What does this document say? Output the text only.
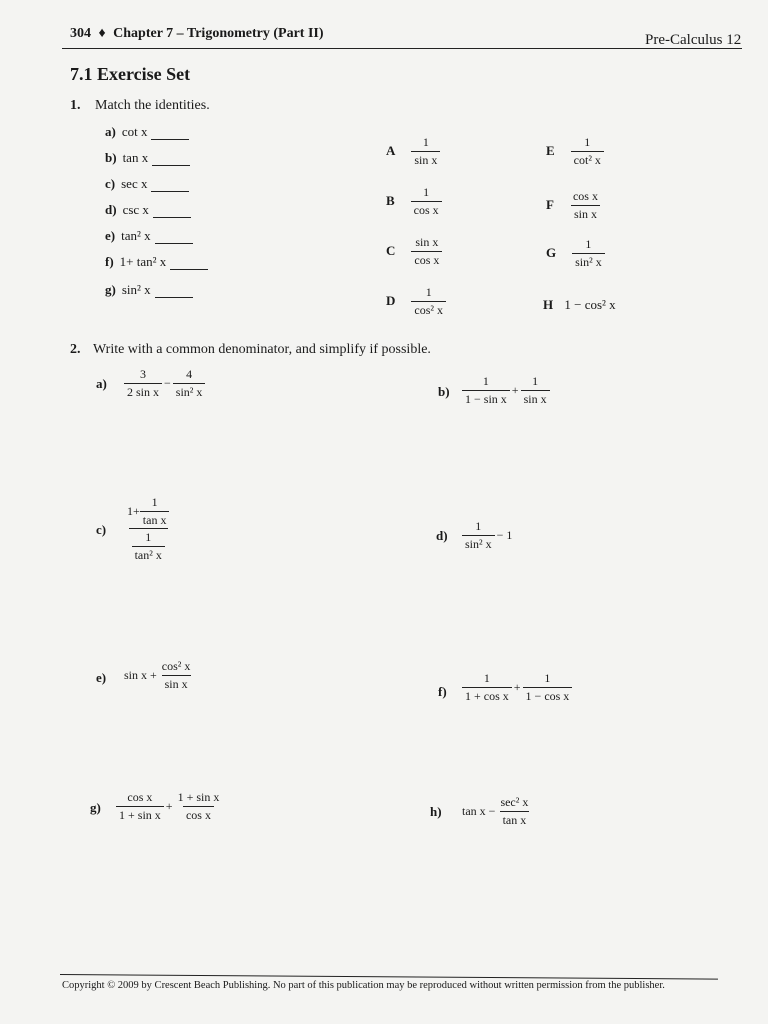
304 ♦ Chapter 7 – Trigonometry (Part II)	Pre-Calculus 12
7.1 Exercise Set
1. Match the identities.
a) cot x
b) tan x
c) sec x
d) csc x
e) tan² x
f) 1+ tan² x
g) sin² x
A $\frac{1}{\text{sin x}}$
B $\frac{1}{\text{cos x}}$
C $\frac{\text{sin x}}{\text{cos x}}$
D $\frac{1}{\text{cos² x}}$
E $\frac{1}{\text{cot² x}}$
F $\frac{\text{cos x}}{\text{sin x}}$
G $\frac{1}{\text{sin² x}}$
H 1 − cos² x
2. Write with a common denominator, and simplify if possible.
$a) \frac{3}{\text{2 sin x}} - \frac{4}{\text{sin² x}}$	$b) \frac{1}{\text{1 − sin x}} + \frac{1}{\text{sin x}}$
$c) \frac{1+ \frac{1}{\text{tan x}}}{\frac{1}{\text{tan² x}}}$	$d) \frac{1}{\text{sin² x}} - 1$
e) $\sin x + \frac{\text{cos² x}}{\text{sin x}}$
$f) \frac{1}{\text{1 + cos x}} + \frac{1}{\text{1 − cos x}}$
$g) \frac{\text{cos x}}{\text{1 + sin x}} + \frac{\text{1 + sin x}}{\text{cos x}}$	h) $\tan x - \frac{\text{sec² x}}{\text{tan x}}$
Copyright © 2009 by Crescent Beach Publishing. No part of this publication may be reproduced without written permission from the publisher.
